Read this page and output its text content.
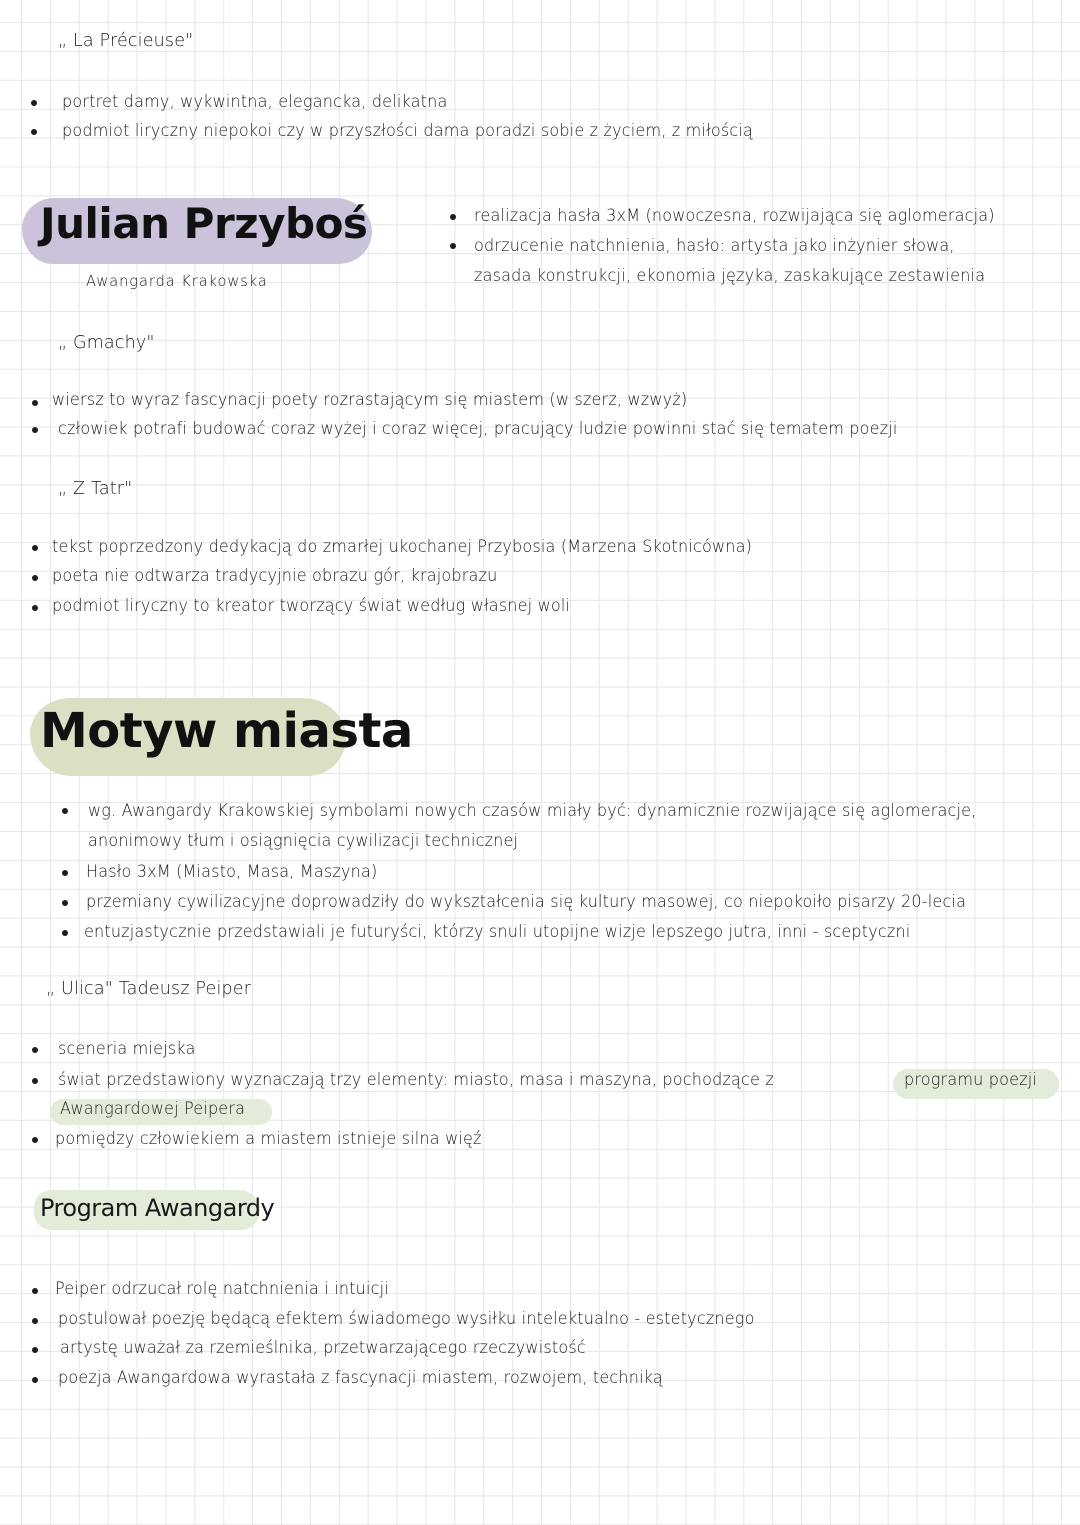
„ La Précieuse"
portret damy, wykwintna, elegancka, delikatna
podmiot liryczny niepokoi czy w przyszłości dama poradzi sobie z życiem, z miłością
Julian Przyboś
Awangarda Krakowska
realizacja hasła 3xM (nowoczesna, rozwijająca się aglomeracja)
odrzucenie natchnienia, hasło: artysta jako inżynier słowa,
zasada konstrukcji, ekonomia języka, zaskakujące zestawienia
„ Gmachy"
wiersz to wyraz fascynacji poety rozrastającym się miastem (w szerz, wzwyż)
człowiek potrafi budować coraz wyżej i coraz więcej, pracujący ludzie powinni stać się tematem poezji
„ Z Tatr"
tekst poprzedzony dedykacją do zmarłej ukochanej Przybosia (Marzena Skotnicówna)
poeta nie odtwarza tradycyjnie obrazu gór, krajobrazu
podmiot liryczny to kreator tworzący świat według własnej woli
Motyw miasta
wg. Awangardy Krakowskiej symbolami nowych czasów miały być: dynamicznie rozwijające się aglomeracje,
anonimowy tłum i osiągnięcia cywilizacji technicznej
Hasło 3xM (Miasto, Masa, Maszyna)
przemiany cywilizacyjne doprowadziły do wykształcenia się kultury masowej, co niepokoiło pisarzy 20-lecia
entuzjastycznie przedstawiali je futuryści, którzy snuli utopijne wizje lepszego jutra, inni - sceptyczni
„ Ulica" Tadeusz Peiper
sceneria miejska
świat przedstawiony wyznaczają trzy elementy: miasto, masa i maszyna, pochodzące z	programu poezji
Awangardowej Peipera
pomiędzy człowiekiem a miastem istnieje silna więź
Program Awangardy
Peiper odrzucał rolę natchnienia i intuicji
postulował poezję będącą efektem świadomego wysiłku intelektualno - estetycznego
artystę uważał za rzemieślnika, przetwarzającego rzeczywistość
poezja Awangardowa wyrastała z fascynacji miastem, rozwojem, techniką
